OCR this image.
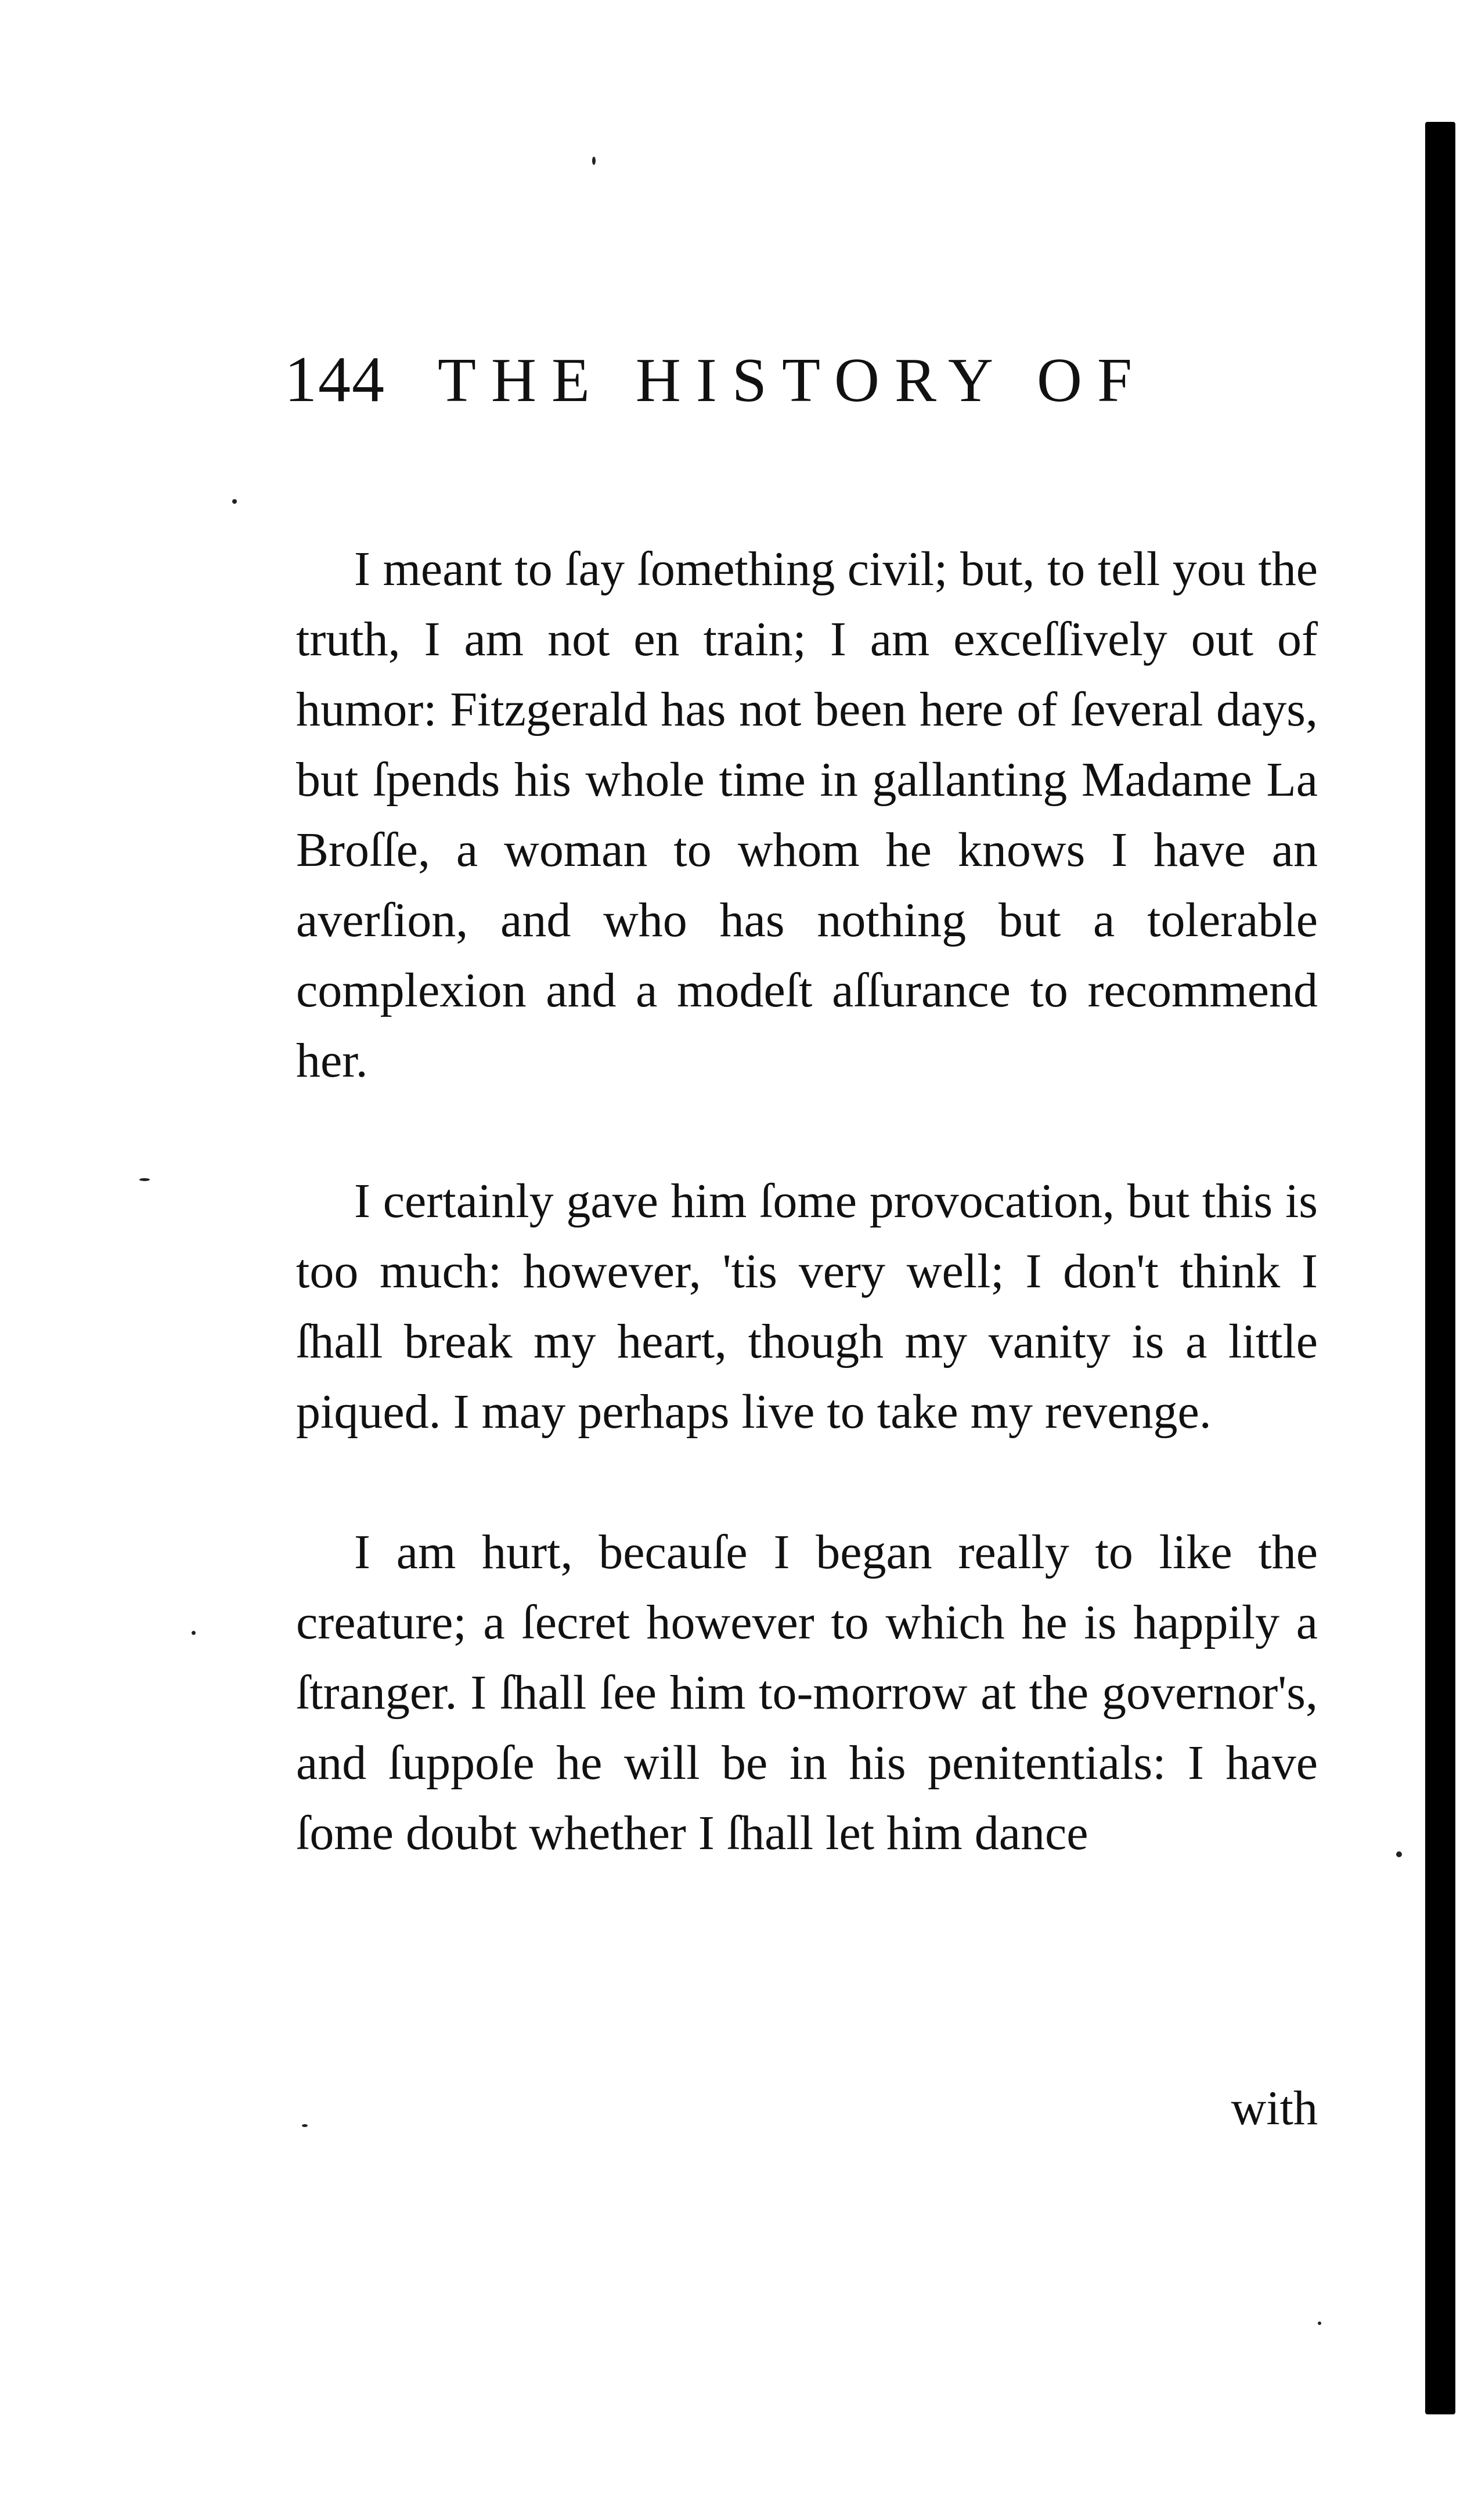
144 THE HISTORY OF

I meant to ſay ſomething civil; but, to tell you the truth, I am not en train; I am exceſſively out of humor: Fitzgerald has not been here of ſeveral days, but ſpends his whole time in gallanting Madame La Broſſe, a woman to whom he knows I have an averſion, and who has nothing but a tolerable complexion and a modeſt aſſurance to recommend her.

I certainly gave him ſome provocation, but this is too much: however, 'tis very well; I don't think I ſhall break my heart, though my vanity is a little piqued. I may perhaps live to take my revenge.

I am hurt, becauſe I began really to like the creature; a ſecret however to which he is happily a ſtranger. I ſhall ſee him to-morrow at the governor's, and ſuppoſe he will be in his penitentials: I have ſome doubt whether I ſhall let him dance

with
